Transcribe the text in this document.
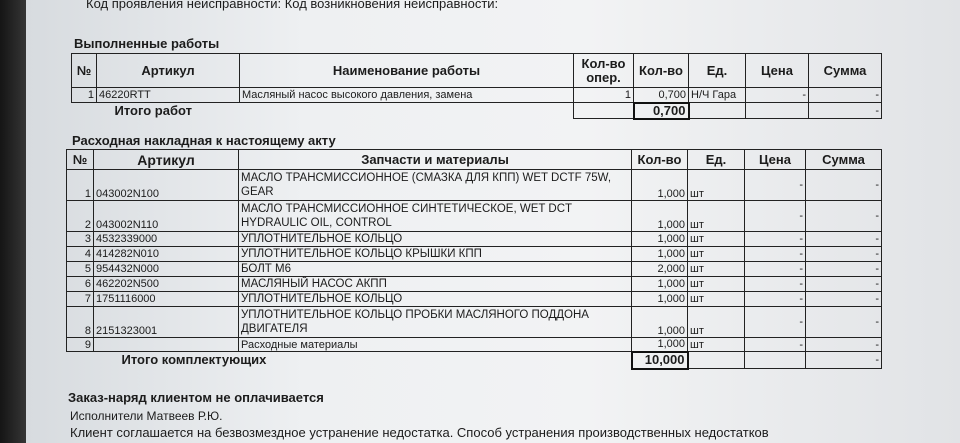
Код проявления неисправности: Код возникновения неисправности:
Выполненные работы
№	Артикул	Наименование работы	Кол-во опер.	Кол-во	Ед.	Цена	Сумма
1	46220RTT	Масляный насос высокого давления, замена	1	0,700	Н/Ч Гара	-	-
	Итого работ			0,700			-
Расходная накладная к настоящему акту
№	Артикул	Запчасти и материалы	Кол-во	Ед.	Цена	Сумма
1	043002N100	МАСЛО ТРАНСМИССИОННОЕ (СМАЗКА ДЛЯ КПП) WET DCTF 75W, GEAR	1,000	шт	-	-
2	043002N110	МАСЛО ТРАНСМИССИОННОЕ СИНТЕТИЧЕСКОЕ, WET DCT HYDRAULIC OIL, CONTROL	1,000	шт	-	-
3	4532339000	УПЛОТНИТЕЛЬНОЕ КОЛЬЦО	1,000	шт	-	-
4	414282N010	УПЛОТНИТЕЛЬНОЕ КОЛЬЦО КРЫШКИ КПП	1,000	шт	-	-
5	954432N000	БОЛТ М6	2,000	шт	-	-
6	462202N500	МАСЛЯНЫЙ НАСОС АКПП	1,000	шт	-	-
7	1751116000	УПЛОТНИТЕЛЬНОЕ КОЛЬЦО	1,000	шт	-	-
8	2151323001	УПЛОТНИТЕЛЬНОЕ КОЛЬЦО ПРОБКИ МАСЛЯНОГО ПОДДОНА ДВИГАТЕЛЯ	1,000	шт	-	-
9		Расходные материалы	1,000	шт	-	-
	Итого комплектующих		10,000			-
Заказ-наряд клиентом не оплачивается
Исполнители Матвеев Р.Ю.
Клиент соглашается на безвозмездное устранение недостатка. Способ устранения производственных недостатков
